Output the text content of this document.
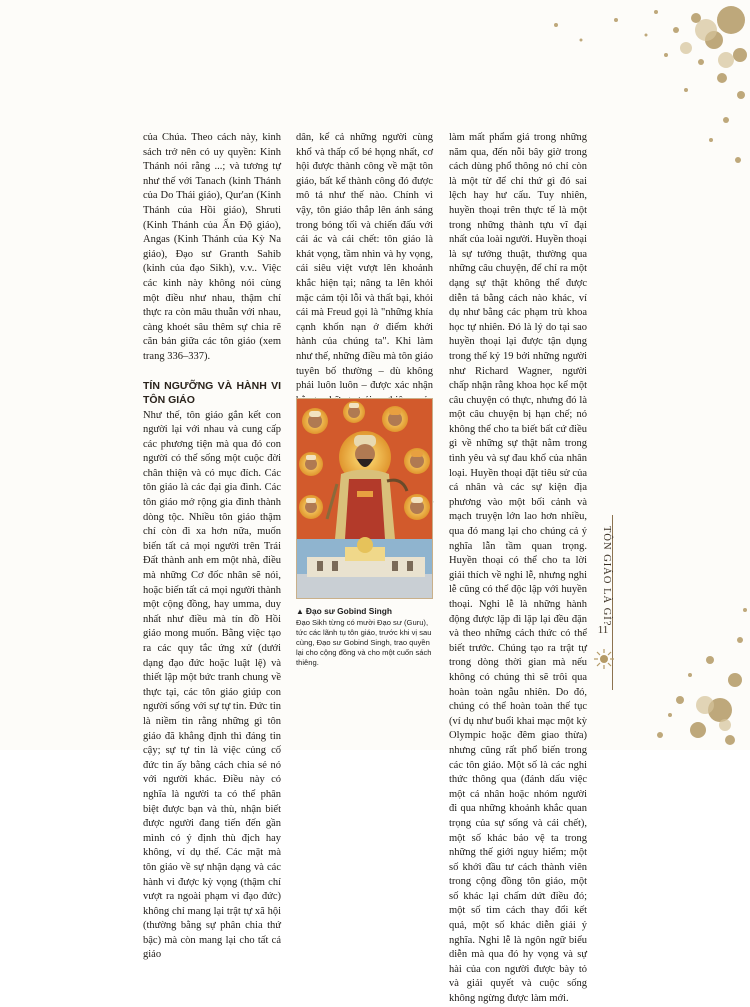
của Chúa. Theo cách này, kinh sách trở nên có uy quyền: Kinh Thánh nói rằng ...; và tương tự như thế với Tanach (kinh Thánh của Do Thái giáo), Qur'an (Kinh Thánh của Hồi giáo), Shruti (Kinh Thánh của Ấn Độ giáo), Angas (Kinh Thánh của Kỳ Na giáo), Đạo sư Granth Sahib (kinh của đạo Sikh), v.v.. Việc các kinh này không nói cùng một điều như nhau, thậm chí thực ra còn mâu thuẫn với nhau, càng khoét sâu thêm sự chia rẽ căn bản giữa các tôn giáo (xem trang 336–337).

TÍN NGƯỠNG VÀ HÀNH VI TÔN GIÁO

Như thế, tôn giáo gắn kết con người lại với nhau và cung cấp các phương tiện mà qua đó con người có thể sống một cuộc đời chân thiện và có mục đích. Các tôn giáo là các đại gia đình. Các tôn giáo mở rộng gia đình thành dòng tộc. Nhiều tôn giáo thậm chí còn đi xa hơn nữa, muốn biến tất cả mọi người trên Trái Đất thành anh em một nhà, điều mà những Cơ đốc nhân sẽ nói, hoặc biến tất cả mọi người thành một cộng đồng, hay umma, duy nhất như điều mà tín đồ Hồi giáo mong muốn. Bằng việc tạo ra các quy tắc ứng xử (dưới dạng đạo đức hoặc luật lệ) và thiết lập một bức tranh chung về thực tại, các tôn giáo giúp con người sống với sự tự tin. Đức tin là niềm tin rằng những gì tôn giáo đã khẳng định thì đáng tin cậy; sự tự tin là việc củng cố đức tin ấy bằng cách chia sẻ nó với người khác. Điều này có nghĩa là người ta có thể phân biệt được bạn và thù, nhận biết được người đang tiến đến gần mình có ý định thù địch hay không, ví dụ thế. Các mặt mà tôn giáo về sự nhận dạng và các hành vi được kỳ vọng (thậm chí vượt ra ngoài phạm vi đạo đức) không chỉ mang lại trật tự xã hội (thường bằng sự phân chia thứ bậc) mà còn mang lại cho tất cả giáo

dân, kể cả những người cùng khổ và thấp cổ bé họng nhất, cơ hội được thành công về mặt tôn giáo, bất kể thành công đó được mô tả như thế nào. Chính vì vậy, tôn giáo thắp lên ánh sáng trong bóng tối và chiến đấu với cái ác và cái chết: tôn giáo là khát vọng, tầm nhìn và hy vọng, cái siêu việt vượt lên khoảnh khắc hiện tại; nâng ta lên khỏi mặc cảm tội lỗi và thất bại, khỏi cái mà Freud gọi là "những khía cạnh khốn nạn ở điểm khởi hành của chúng ta". Khi làm như thế, những điều mà tôn giáo tuyên bố thường – dù không phải luôn luôn – được xác nhận

▲ Đạo sư Gobind Singh
Đạo Sikh từng có mười Đạo sư (Guru), tức các lãnh tụ tôn giáo, trước khi vị sau cùng, Đạo sư Gobind Singh, trao quyền lại cho cộng đồng và cho một cuốn sách thiêng.

làm mất phẩm giá trong những năm qua, đến nỗi bây giờ trong cách dùng phổ thông nó chỉ còn là một từ để chỉ thứ gì đó sai lệch hay hư cấu. Tuy nhiên, huyền thoại trên thực tế là một trong những thành tựu vĩ đại nhất của loài người. Huyền thoại là sự tưởng thuật, thường qua những câu chuyện, để chỉ ra một dạng sự thật không thể được diễn tả bằng cách nào khác, ví dụ như bằng các phạm trù khoa học tự nhiên. Đó là lý do tại sao huyền thoại lại được tận dụng trong thế kỷ 19 bởi những người như Richard Wagner, người chấp nhận rằng khoa học kể một câu chuyện có thực, nhưng đó là một câu chuyện bị hạn chế; nó không thể cho ta biết bất cứ điều gì về những sự thật nằm trong tình yêu và sự đau khổ của nhân loại. Huyền thoại đặt tiêu sử của cá nhân và các sự kiện địa phương vào một bối cảnh và mạch truyện lớn lao hơn nhiều, qua đó mang lại cho chúng cả ý nghĩa lẫn tầm quan trọng. Huyền thoại có thể cho ta lời giải thích về nghi lễ, nhưng nghi lễ cũng có thể độc lập với huyền thoại. Nghi lễ là những hành động được lặp đi lặp lại đều đặn và theo những cách thức có thể biết trước. Chúng tạo ra trật tự trong dòng thời gian mà nếu không có chúng thì sẽ trôi qua hoàn toàn ngẫu nhiên. Do đó, chúng có thể hoàn toàn thế tục (ví dụ như buổi khai mạc một kỳ Olympic hoặc đêm giao thừa) nhưng cũng rất phổ biến trong các tôn giáo. Một số là các nghi thức thông qua (đánh dấu việc một cá nhân hoặc nhóm người đi qua những khoảnh khắc quan trọng của sự sống và cái chết), một số khác bảo vệ ta trong những thế giới nguy hiểm; một số khởi đầu tư cách thành viên trong cộng đồng tôn giáo, một số khác lại chấm dứt điều đó; một số tìm cách thay đổi kết quả, một số khác diễn giải ý nghĩa. Nghi lễ là ngôn ngữ biểu diễn mà qua đó hy vọng và sự hài của con người được bày tỏ và giải quyết và cuộc sống không ngừng được làm mới.

TÔN GIÁO LÀ GÌ?
11
